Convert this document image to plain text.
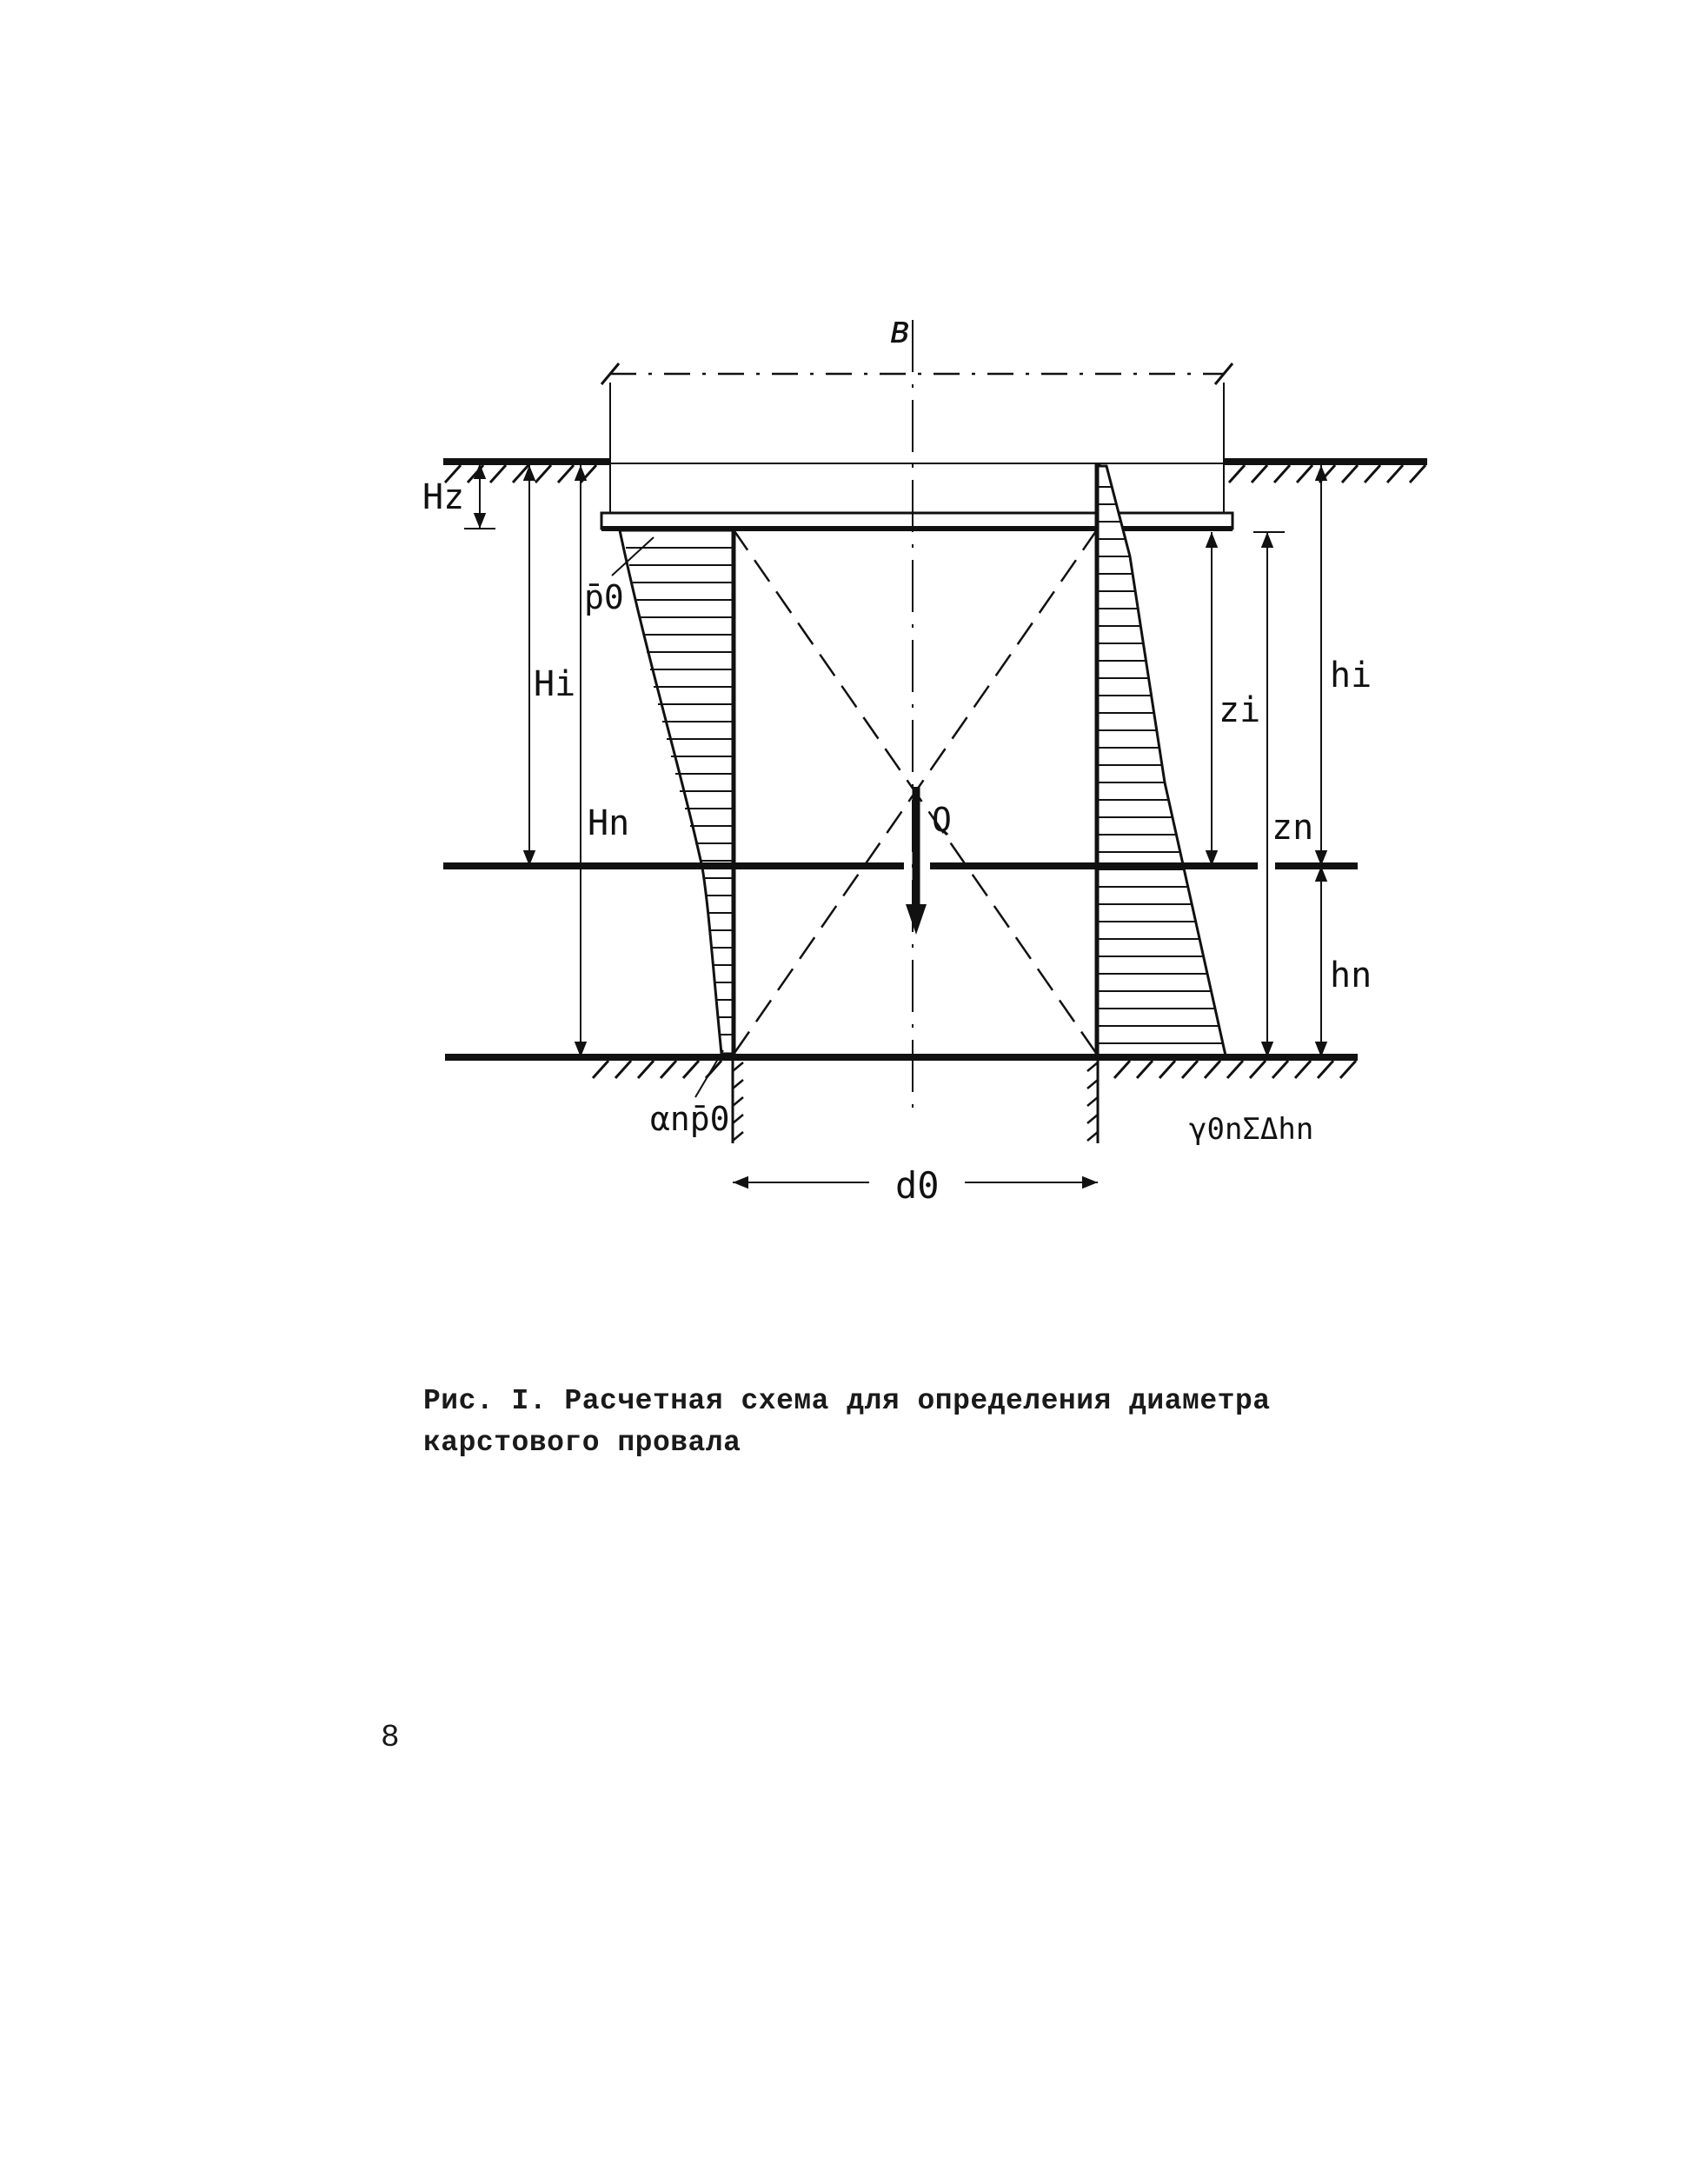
в
Q
Hz
p̄0
Hi
Hn
zi
zn
hi
hn
αnp̄0	γ0nΣΔhn
d0
Рис. I. Расчетная схема для определения диаметра карстового провала
8
